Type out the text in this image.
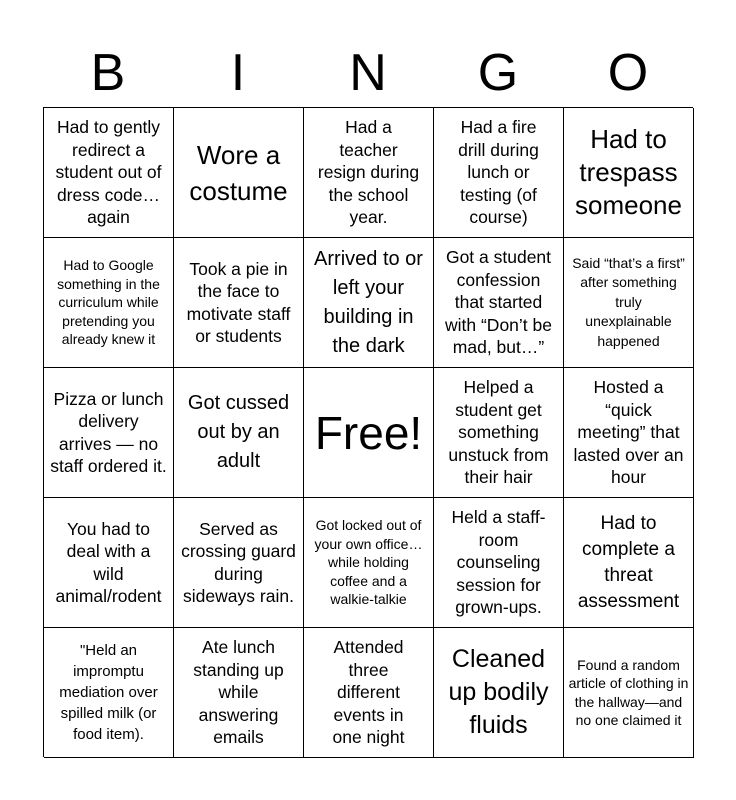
B	I	N	G	O
Had to gently redirect a student out of dress code… again
Wore a costume
Had a teacher resign during the school year.
Had a fire drill during lunch or testing (of course)
Had to trespass someone
Had to Google something in the curriculum while pretending you already knew it
Took a pie in the face to motivate staff or students
Arrived to or left your building in the dark
Got a student confession that started with “Don’t be mad, but…”
Said “that’s a first” after something truly unexplainable happened
Pizza or lunch delivery arrives — no staff ordered it.
Got cussed out by an adult
Free!
Helped a student get something unstuck from their hair
Hosted a “quick meeting” that lasted over an hour
You had to deal with a wild animal/rodent
Served as crossing guard during sideways rain.
Got locked out of your own office… while holding coffee and a walkie-talkie
Held a staff-room counseling session for grown-ups.
Had to complete a threat assessment
"Held an impromptu mediation over spilled milk (or food item).
Ate lunch standing up while answering emails
Attended three different events in one night
Cleaned up bodily fluids
Found a random article of clothing in the hallway—and no one claimed it
